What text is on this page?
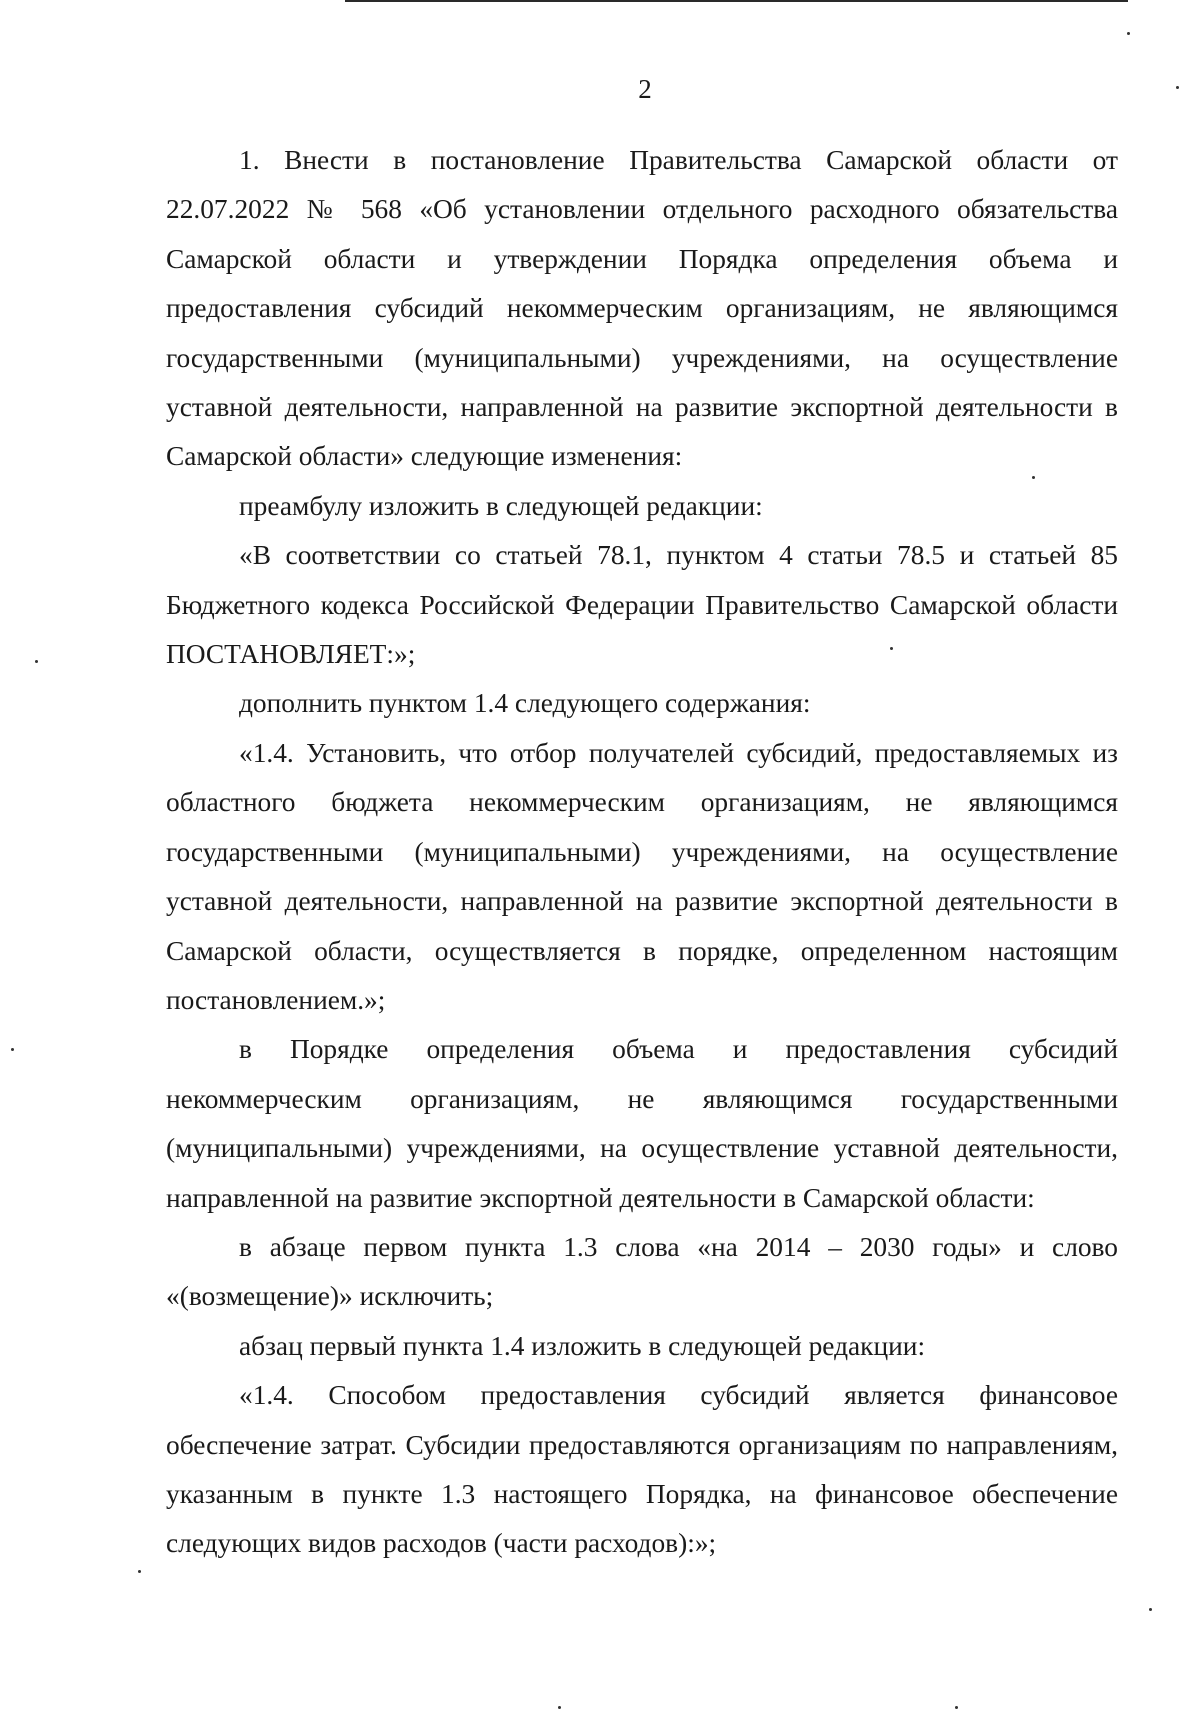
2

1. Внести в постановление Правительства Самарской области от 22.07.2022 № 568 «Об установлении отдельного расходного обязательства Самарской области и утверждении Порядка определения объема и предоставления субсидий некоммерческим организациям, не являющимся государственными (муниципальными) учреждениями, на осуществление уставной деятельности, направленной на развитие экспортной деятельности в Самарской области» следующие изменения:

преамбулу изложить в следующей редакции:

«В соответствии со статьей 78.1, пунктом 4 статьи 78.5 и статьей 85 Бюджетного кодекса Российской Федерации Правительство Самарской области ПОСТАНОВЛЯЕТ:»;

дополнить пунктом 1.4 следующего содержания:

«1.4. Установить, что отбор получателей субсидий, предоставляемых из областного бюджета некоммерческим организациям, не являющимся государственными (муниципальными) учреждениями, на осуществление уставной деятельности, направленной на развитие экспортной деятельности в Самарской области, осуществляется в порядке, определенном настоящим постановлением.»;

в Порядке определения объема и предоставления субсидий некоммерческим организациям, не являющимся государственными (муниципальными) учреждениями, на осуществление уставной деятельности, направленной на развитие экспортной деятельности в Самарской области:

в абзаце первом пункта 1.3 слова «на 2014 – 2030 годы» и слово «(возмещение)» исключить;

абзац первый пункта 1.4 изложить в следующей редакции:

«1.4. Способом предоставления субсидий является финансовое обеспечение затрат. Субсидии предоставляются организациям по направлениям, указанным в пункте 1.3 настоящего Порядка, на финансовое обеспечение следующих видов расходов (части расходов):»;
